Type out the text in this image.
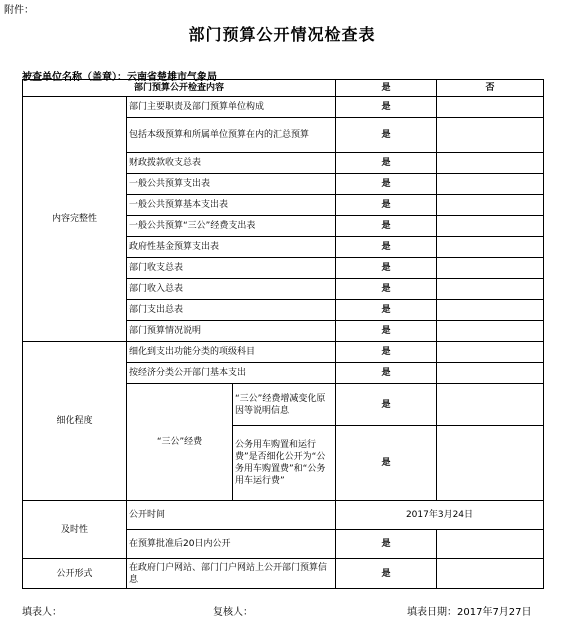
附件：
部门预算公开情况检查表
被查单位名称（盖章）：云南省楚雄市气象局
部门预算公开检查内容			是	否
内容完整性	部门主要职责及部门预算单位构成		是	
	包括本级预算和所属单位预算在内的汇总预算		是	
	财政拨款收支总表		是	
	一般公共预算支出表		是	
	一般公共预算基本支出表		是	
	一般公共预算“三公”经费支出表		是	
	政府性基金预算支出表		是	
	部门收支总表		是	
	部门收入总表		是	
	部门支出总表		是	
	部门预算情况说明		是	
细化程度	细化到支出功能分类的项级科目		是	
	按经济分类公开部门基本支出		是	
	“三公”经费	“三公”经费增减变化原因等说明信息	是	
		公务用车购置和运行费”是否细化公开为“公务用车购置费”和“公务用车运行费”	是	
及时性	公开时间		2017年3月24日	
	在预算批准后20日内公开		是	
公开形式	在政府门户网站、部门门户网站上公开部门预算信息		是	
填表人：	复核人：	填表日期：2017年7月27日
